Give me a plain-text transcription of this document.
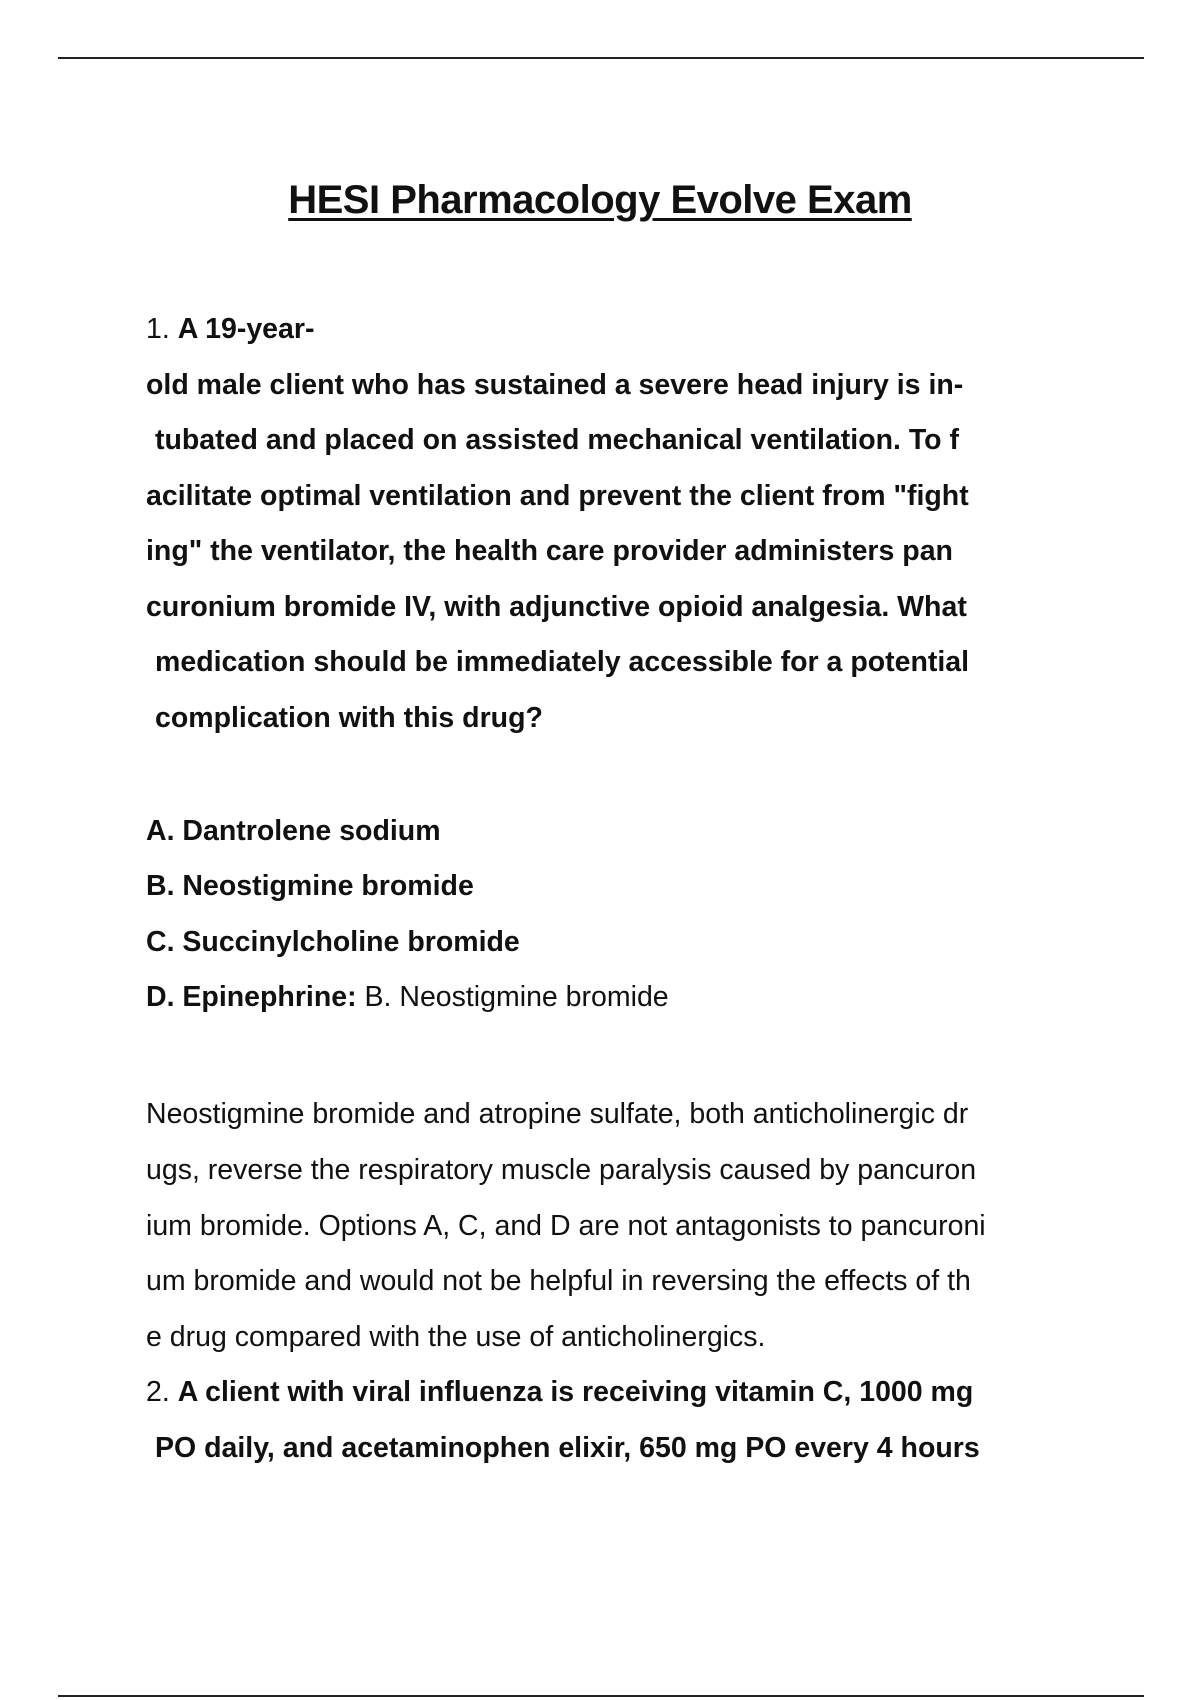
HESI Pharmacology Evolve Exam
1. A 19-year-
old male client who has sustained a severe head injury is in-
tubated and placed on assisted mechanical ventilation. To f
acilitate optimal ventilation and prevent the client from "fight
ing" the ventilator, the health care provider administers pan
curonium bromide IV, with adjunctive opioid analgesia. What
medication should be immediately accessible for a potential
complication with this drug?
A. Dantrolene sodium
B. Neostigmine bromide
C. Succinylcholine bromide
D. Epinephrine: B. Neostigmine bromide
Neostigmine bromide and atropine sulfate, both anticholinergic dr
ugs, reverse the respiratory muscle paralysis caused by pancuron
ium bromide. Options A, C, and D are not antagonists to pancuroni
um bromide and would not be helpful in reversing the effects of th
e drug compared with the use of anticholinergics.
2. A client with viral influenza is receiving vitamin C, 1000 mg
PO daily, and acetaminophen elixir, 650 mg PO every 4 hours
